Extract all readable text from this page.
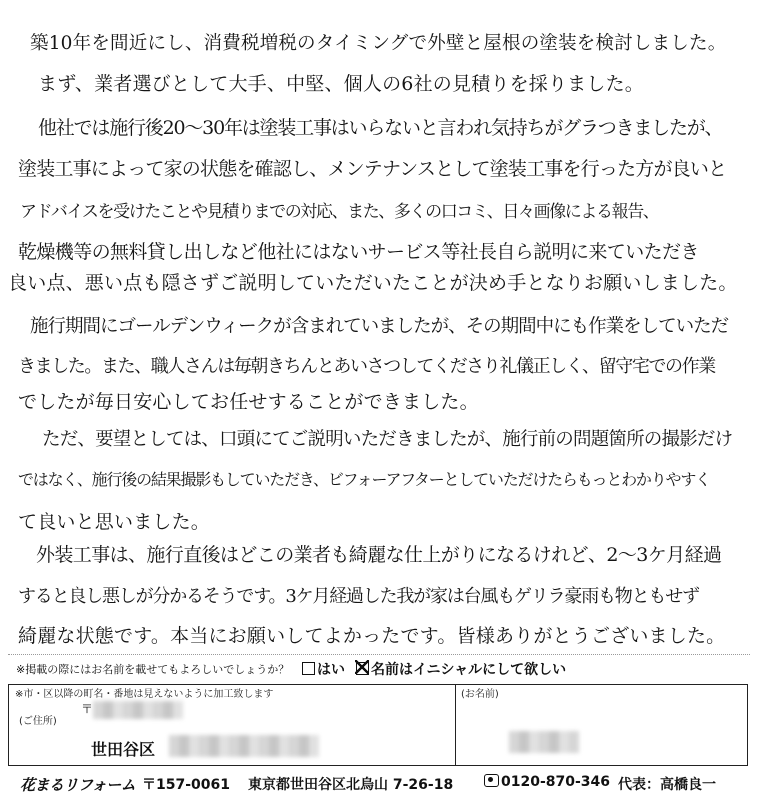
築10年を間近にし、消費税増税のタイミングで外壁と屋根の塗装を検討しました。
まず、業者選びとして大手、中堅、個人の6社の見積りを採りました。
他社では施行後20〜30年は塗装工事はいらないと言われ気持ちがグラつきましたが、
塗装工事によって家の状態を確認し、メンテナンスとして塗装工事を行った方が良いと
アドバイスを受けたことや見積りまでの対応、また、多くの口コミ、日々画像による報告、
乾燥機等の無料貸し出しなど他社にはないサービス等社長自ら説明に来ていただき
良い点、悪い点も隠さずご説明していただいたことが決め手となりお願いしました。
施行期間にゴールデンウィークが含まれていましたが、その期間中にも作業をしていただ
きました。また、職人さんは毎朝きちんとあいさつしてくださり礼儀正しく、留守宅での作業
でしたが毎日安心してお任せすることができました。
ただ、要望としては、口頭にてご説明いただきましたが、施行前の問題箇所の撮影だけ
ではなく、施行後の結果撮影もしていただき、ビフォーアフターとしていただけたらもっとわかりやすく
て良いと思いました。
外装工事は、施行直後はどこの業者も綺麗な仕上がりになるけれど、2〜3ケ月経過
すると良し悪しが分かるそうです。3ケ月経過した我が家は台風もゲリラ豪雨も物ともせず
綺麗な状態です。本当にお願いしてよかったです。皆様ありがとうございました。
※掲載の際にはお名前を載せてもよろしいでしょうか？	はい	名前はイニシャルにして欲しい
※市・区以降の町名・番地は見えないように加工致します
(ご住所)
〒
世田谷区
(お名前)
花まるリフォーム 〒157-0061 東京都世田谷区北烏山 7-26-18	0120-870-346 代表：高橋良一
